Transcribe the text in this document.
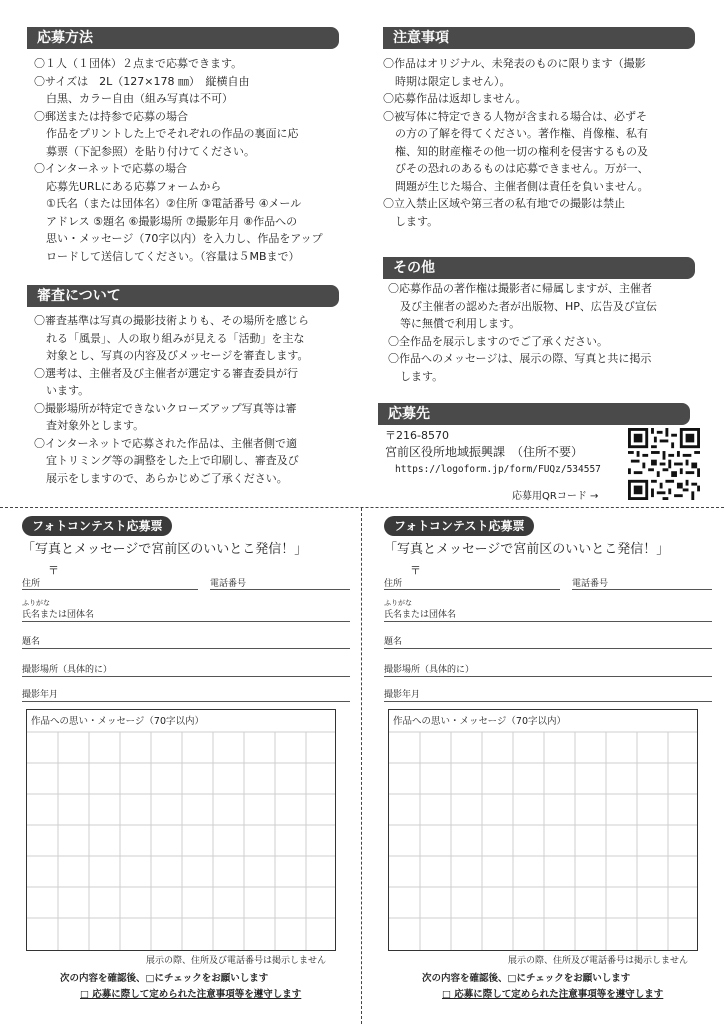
応募方法

〇１人（１団体）２点まで応募できます。

〇サイズは　2L（127×178 ㎜）　縦横自由

白黒、カラー自由（組み写真は不可）

〇郵送または持参で応募の場合

作品をプリントした上でそれぞれの作品の裏面に応

募票（下記参照）を貼り付けてください。

〇インターネットで応募の場合

応募先URLにある応募フォームから

①氏名（または団体名）②住所 ③電話番号 ④メール

アドレス ⑤題名 ⑥撮影場所 ⑦撮影年月 ⑧作品への

思い・メッセージ（70字以内）を入力し、作品をアップ

ロードして送信してください。（容量は５MBまで）

審査について

〇審査基準は写真の撮影技術よりも、その場所を感じら

れる「風景」、人の取り組みが見える「活動」を主な

対象とし、写真の内容及びメッセージを審査します。

〇選考は、主催者及び主催者が選定する審査委員が行

います。

〇撮影場所が特定できないクローズアップ写真等は審

査対象外とします。

〇インターネットで応募された作品は、主催者側で適

宜トリミング等の調整をした上で印刷し、審査及び

展示をしますので、あらかじめご了承ください。

注意事項

〇作品はオリジナル、未発表のものに限ります（撮影

時期は限定しません）。

〇応募作品は返却しません。

〇被写体に特定できる人物が含まれる場合は、必ずそ

の方の了解を得てください。著作権、肖像権、私有

権、知的財産権その他一切の権利を侵害するもの及

びその恐れのあるものは応募できません。万が一、

問題が生じた場合、主催者側は責任を負いません。

〇立入禁止区域や第三者の私有地での撮影は禁止

します。

その他

〇応募作品の著作権は撮影者に帰属しますが、主催者

及び主催者の認めた者が出版物、HP、広告及び宣伝

等に無償で利用します。

〇全作品を展示しますのでご了承ください。

〇作品へのメッセージは、展示の際、写真と共に掲示

します。

応募先

〒216-8570

宮前区役所地域振興課　（住所不要）

https://logoform.jp/form/FUQz/534557

応募用QRコード →
フォトコンテスト応募票
「写真とメッセージで宮前区のいいとこ発信！」
〒
住所	電話番号
ふりがな
氏名または団体名
題名
撮影場所（具体的に）
撮影年月
作品への思い・メッセージ（70字以内）
展示の際、住所及び電話番号は掲示しません
次の内容を確認後、□にチェックをお願いします
□ 応募に際して定められた注意事項等を遵守します
フォトコンテスト応募票
「写真とメッセージで宮前区のいいとこ発信！」
〒
住所	電話番号
ふりがな
氏名または団体名
題名
撮影場所（具体的に）
撮影年月
作品への思い・メッセージ（70字以内）
展示の際、住所及び電話番号は掲示しません
次の内容を確認後、□にチェックをお願いします
□ 応募に際して定められた注意事項等を遵守します
